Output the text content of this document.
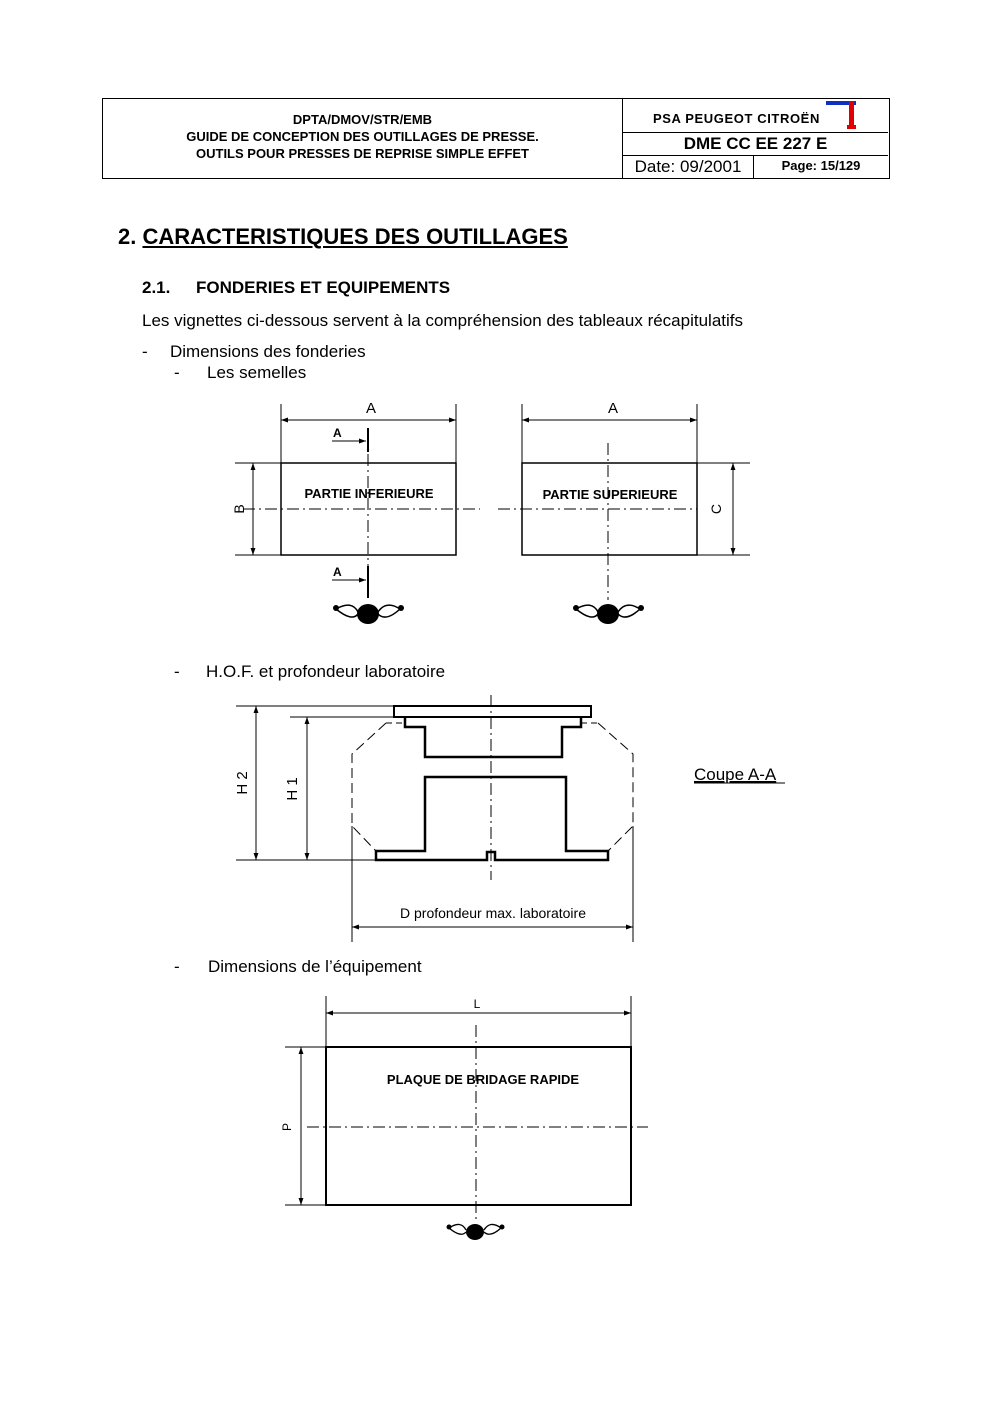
DPTA/DMOV/STR/EMB
GUIDE DE CONCEPTION DES OUTILLAGES DE PRESSE.
OUTILS POUR PRESSES DE REPRISE SIMPLE EFFET
PSA PEUGEOT CITROËN
DME CC EE 227 E
Date: 09/2001	Page: 15/129
2. CARACTERISTIQUES DES OUTILLAGES
2.1. FONDERIES ET EQUIPEMENTS
Les vignettes ci-dessous servent à la compréhension des tableaux récapitulatifs
- Dimensions des fonderies
- Les semelles
- H.O.F. et profondeur laboratoire
- Dimensions de l’équipement
A	A
A
A
B	C
PARTIE INFERIEURE	PARTIE SUPERIEURE
H 2 H 1
D profondeur max. laboratoire
Coupe A-A
L
P
PLAQUE DE BRIDAGE RAPIDE
